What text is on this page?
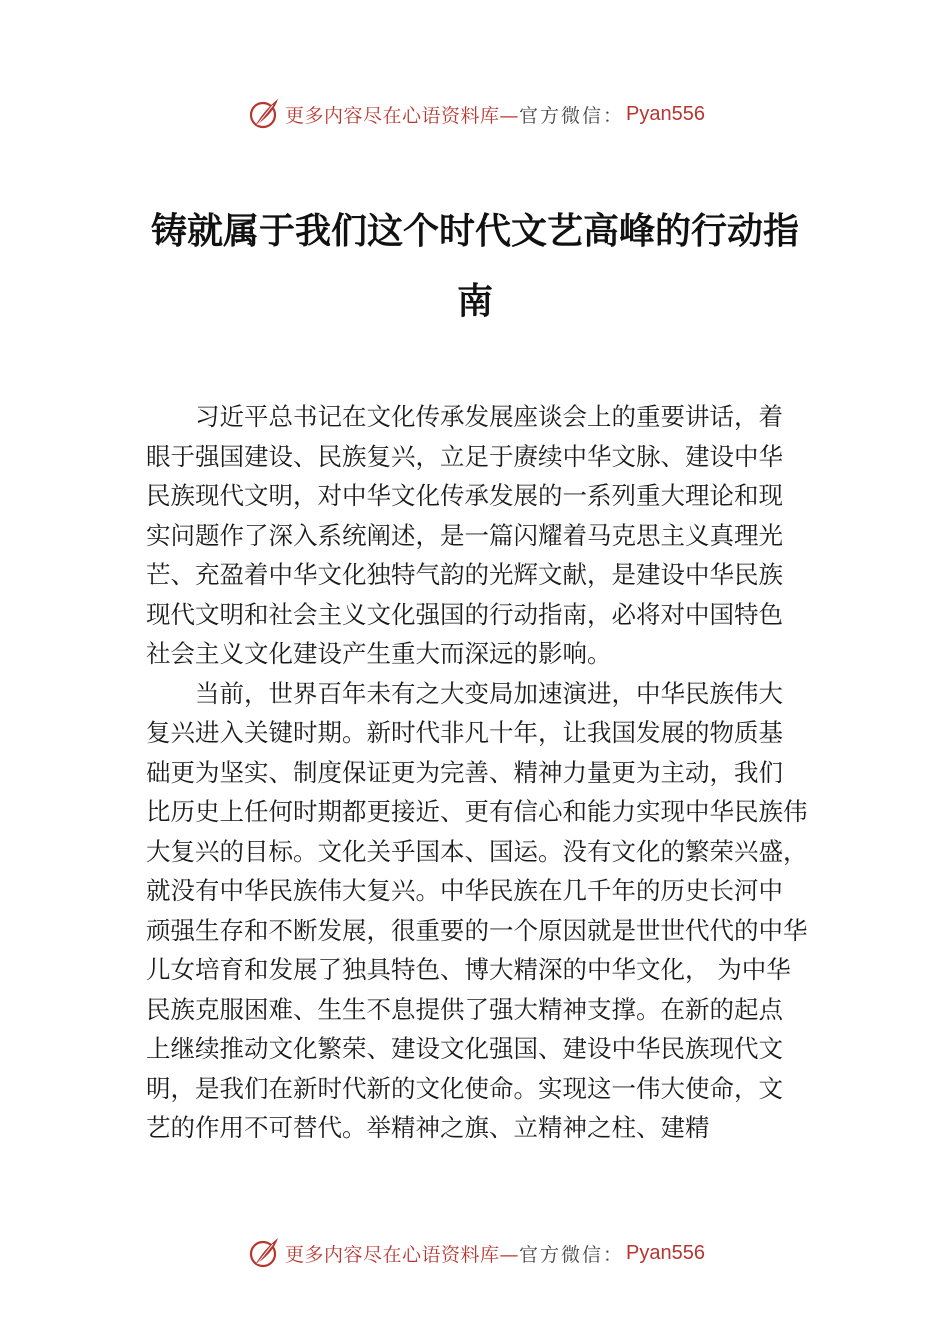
更多内容尽在心语资料库— 官方微信： Pyan556
铸就属于我们这个时代文艺高峰的行动指
南

习近平总书记在文化传承发展座谈会上的重要讲话，着
眼于强国建设、民族复兴，立足于赓续中华文脉、建设中华
民族现代文明，对中华文化传承发展的一系列重大理论和现
实问题作了深入系统阐述，是一篇闪耀着马克思主义真理光
芒、充盈着中华文化独特气韵的光辉文献，是建设中华民族
现代文明和社会主义文化强国的行动指南，必将对中国特色
社会主义文化建设产生重大而深远的影响。

当前，世界百年未有之大变局加速演进，中华民族伟大
复兴进入关键时期。新时代非凡十年，让我国发展的物质基
础更为坚实、制度保证更为完善、精神力量更为主动，我们
比历史上任何时期都更接近、更有信心和能力实现中华民族伟
大复兴的目标。文化关乎国本、国运。没有文化的繁荣兴盛，
就没有中华民族伟大复兴。中华民族在几千年的历史长河中
顽强生存和不断发展，很重要的一个原因就是世世代代的中华
儿女培育和发展了独具特色、博大精深的中华文化， 为中华
民族克服困难、生生不息提供了强大精神支撑。在新的起点
上继续推动文化繁荣、建设文化强国、建设中华民族现代文
明，是我们在新时代新的文化使命。实现这一伟大使命，文
艺的作用不可替代。举精神之旗、立精神之柱、建精

更多内容尽在心语资料库— 官方微信： Pyan556
